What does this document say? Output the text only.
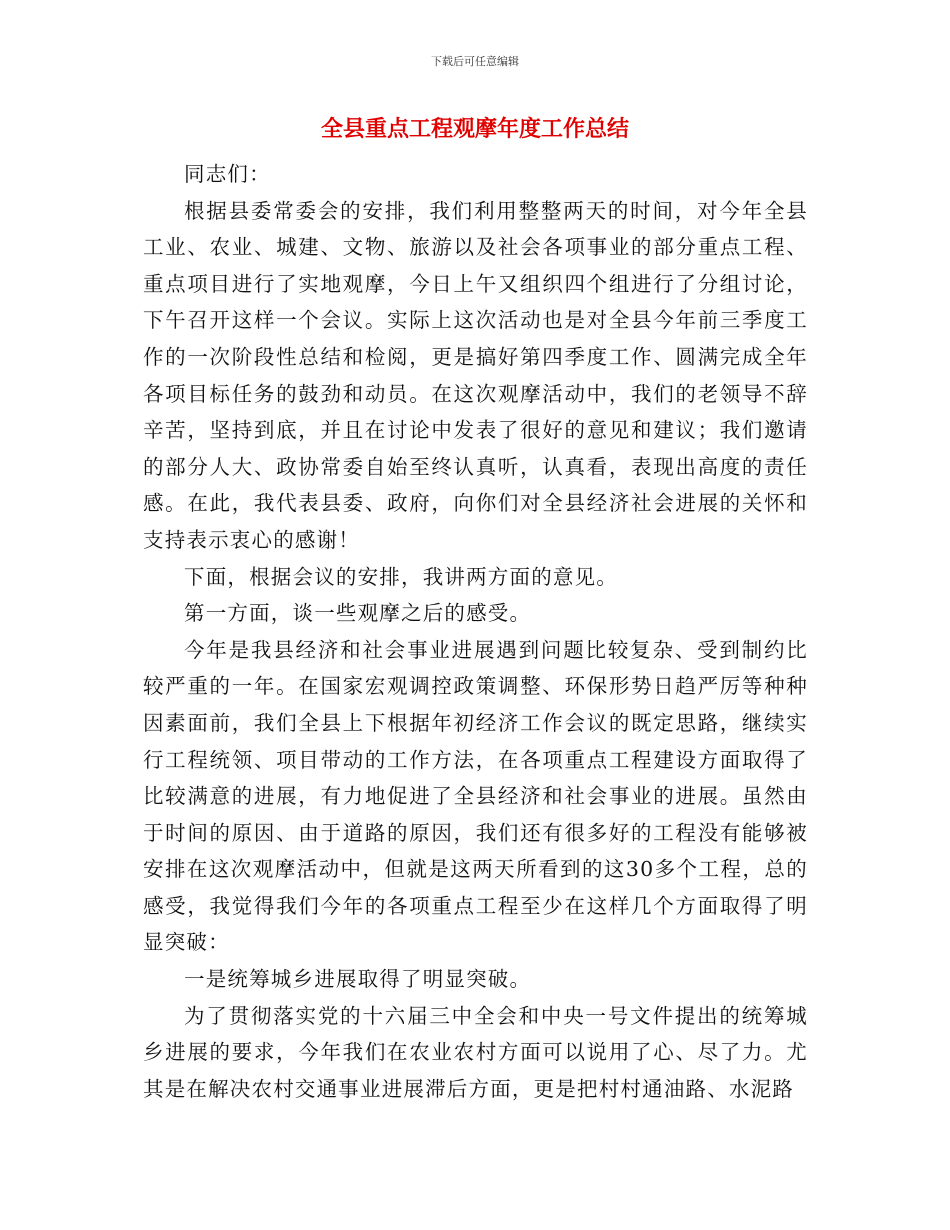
下载后可任意编辑
全县重点工程观摩年度工作总结

同志们：

根据县委常委会的安排，我们利用整整两天的时间，对今年全县工业、农业、城建、文物、旅游以及社会各项事业的部分重点工程、重点项目进行了实地观摩，今日上午又组织四个组进行了分组讨论，下午召开这样一个会议。实际上这次活动也是对全县今年前三季度工作的一次阶段性总结和检阅，更是搞好第四季度工作、圆满完成全年各项目标任务的鼓劲和动员。在这次观摩活动中，我们的老领导不辞辛苦，坚持到底，并且在讨论中发表了很好的意见和建议；我们邀请的部分人大、政协常委自始至终认真听，认真看，表现出高度的责任感。在此，我代表县委、政府，向你们对全县经济社会进展的关怀和支持表示衷心的感谢！

下面，根据会议的安排，我讲两方面的意见。

第一方面，谈一些观摩之后的感受。

今年是我县经济和社会事业进展遇到问题比较复杂、受到制约比较严重的一年。在国家宏观调控政策调整、环保形势日趋严厉等种种因素面前，我们全县上下根据年初经济工作会议的既定思路，继续实行工程统领、项目带动的工作方法，在各项重点工程建设方面取得了比较满意的进展，有力地促进了全县经济和社会事业的进展。虽然由于时间的原因、由于道路的原因，我们还有很多好的工程没有能够被安排在这次观摩活动中，但就是这两天所看到的这30多个工程，总的感受，我觉得我们今年的各项重点工程至少在这样几个方面取得了明显突破：

一是统筹城乡进展取得了明显突破。

为了贯彻落实党的十六届三中全会和中央一号文件提出的统筹城乡进展的要求，今年我们在农业农村方面可以说用了心、尽了力。尤其是在解决农村交通事业进展滞后方面，更是把村村通油路、水泥路
